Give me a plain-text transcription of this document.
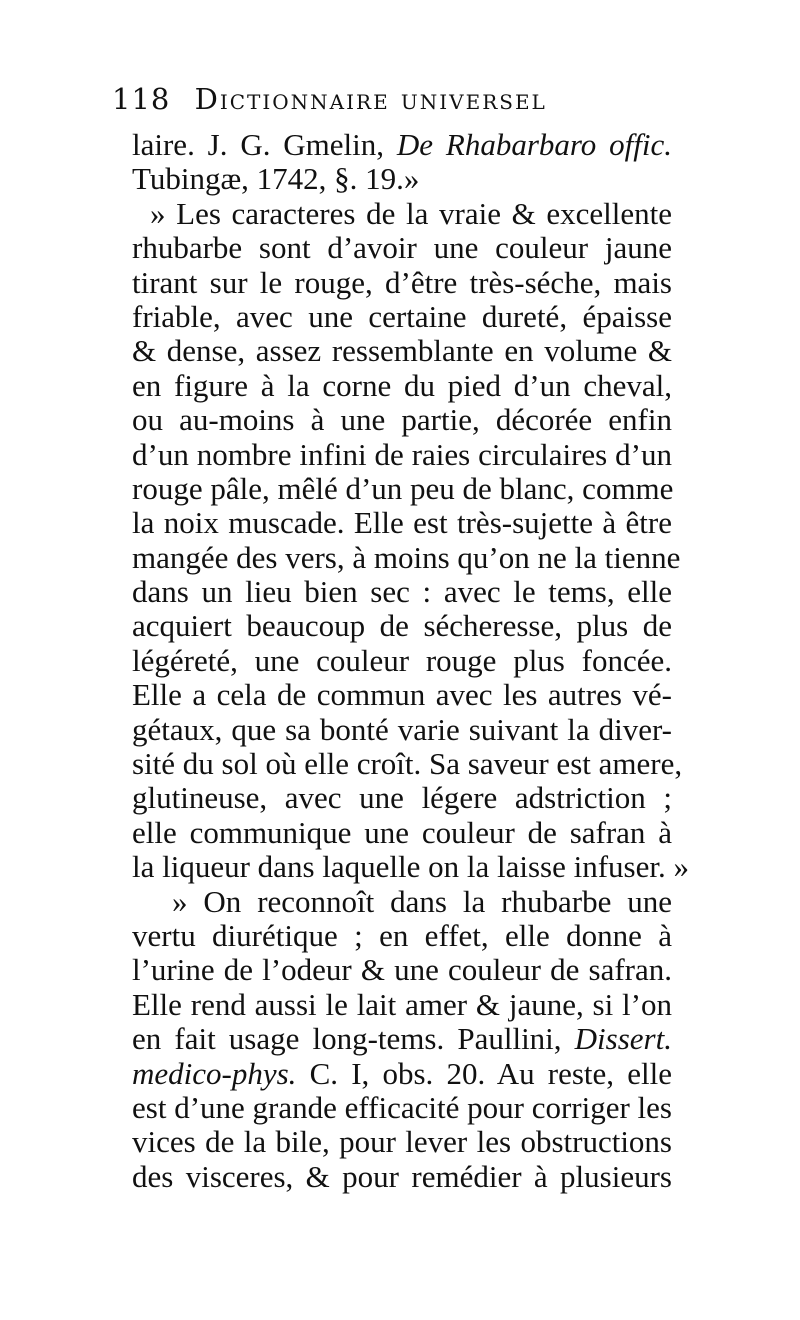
118 Dictionnaire universel
laire. J. G. Gmelin, De Rhabarbaro offic.
Tubingæ, 1742, §. 19.»
» Les caracteres de la vraie & excellente
rhubarbe sont d’avoir une couleur jaune
tirant sur le rouge, d’être très-séche, mais
friable, avec une certaine dureté, épaisse
& dense, assez ressemblante en volume &
en figure à la corne du pied d’un cheval,
ou au-moins à une partie, décorée enfin
d’un nombre infini de raies circulaires d’un
rouge pâle, mêlé d’un peu de blanc, comme
la noix muscade. Elle est très-sujette à être
mangée des vers, à moins qu’on ne la tienne
dans un lieu bien sec : avec le tems, elle
acquiert beaucoup de sécheresse, plus de
légéreté, une couleur rouge plus foncée.
Elle a cela de commun avec les autres vé-
gétaux, que sa bonté varie suivant la diver-
sité du sol où elle croît. Sa saveur est amere,
glutineuse, avec une légere adstriction ;
elle communique une couleur de safran à
la liqueur dans laquelle on la laisse infuser. »
» On reconnoît dans la rhubarbe une
vertu diurétique ; en effet, elle donne à
l’urine de l’odeur & une couleur de safran.
Elle rend aussi le lait amer & jaune, si l’on
en fait usage long-tems. Paullini, Dissert.
medico-phys. C. I, obs. 20. Au reste, elle
est d’une grande efficacité pour corriger les
vices de la bile, pour lever les obstructions
des visceres, & pour remédier à plusieurs
